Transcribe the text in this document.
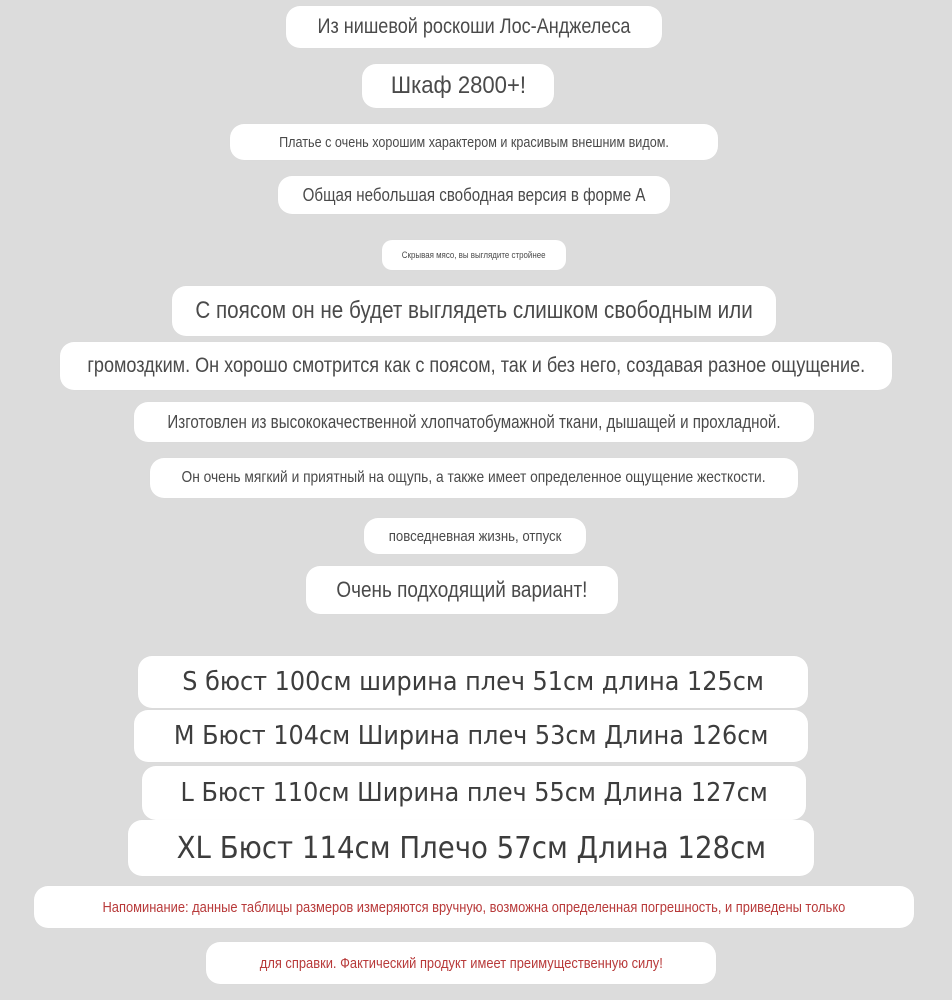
Из нишевой роскоши Лос-Анджелеса
Шкаф 2800+!
Платье с очень хорошим характером и красивым внешним видом.
Общая небольшая свободная версия в форме А
Скрывая мясо, вы выглядите стройнее
С поясом он не будет выглядеть слишком свободным или
громоздким. Он хорошо смотрится как с поясом, так и без него, создавая разное ощущение.
Изготовлен из высококачественной хлопчатобумажной ткани, дышащей и прохладной.
Он очень мягкий и приятный на ощупь, а также имеет определенное ощущение жесткости.
повседневная жизнь, отпуск
Очень подходящий вариант!
S бюст 100см ширина плеч 51см длина 125см
M Бюст 104см Ширина плеч 53см Длина 126см
L Бюст 110см Ширина плеч 55см Длина 127см
XL Бюст 114см Плечо 57см Длина 128см
Напоминание: данные таблицы размеров измеряются вручную, возможна определенная погрешность, и приведены только
для справки. Фактический продукт имеет преимущественную силу!
